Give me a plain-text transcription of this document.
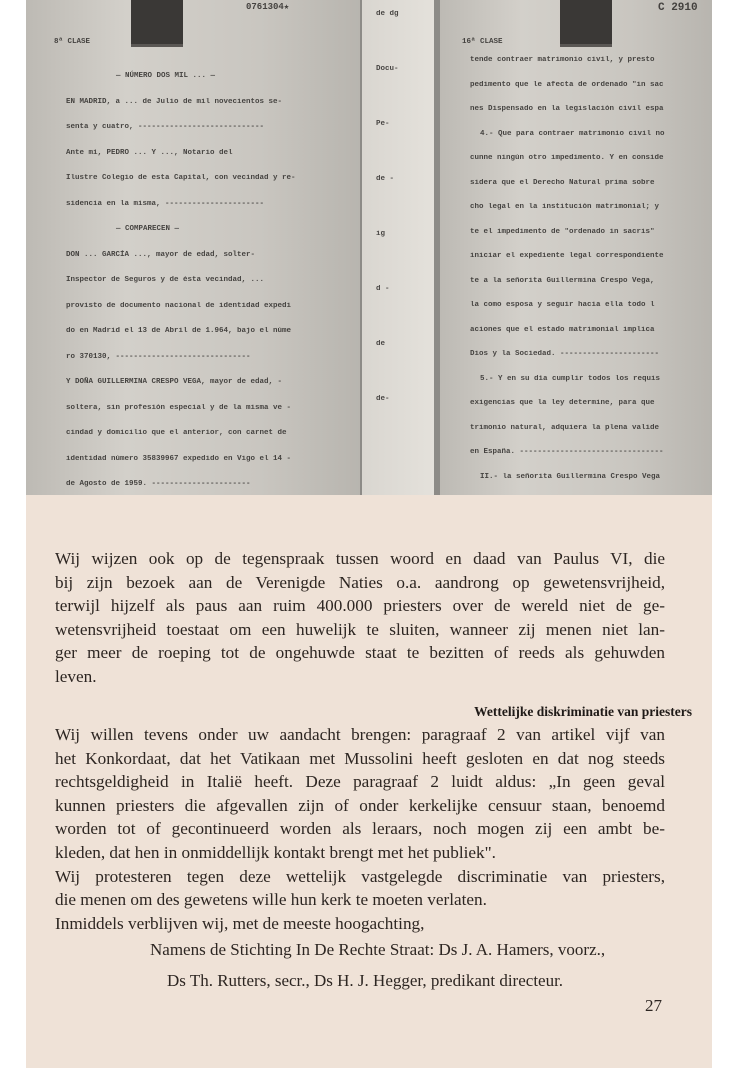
0761304★
8ª CLASE
— NÚMERO DOS MIL ... —
EN MADRID, a ... de Julio de mil novecientos se-
senta y cuatro, ----------------------------
Ante mí, PEDRO ... Y ..., Notario del
Ilustre Colegio de esta Capital, con vecindad y re-
sidencia en la misma, ----------------------
— COMPARECEN —
DON ... GARCÍA ..., mayor de edad, solter-
Inspector de Seguros y de ésta vecindad, ...
provisto de documento nacional de identidad expedi
do en Madrid el 13 de Abril de 1.964, bajo el núme
ro 370130, ------------------------------
Y DOÑA GUILLERMINA CRESPO VEGA, mayor de edad, -
soltera, sin profesión especial y de la misma ve -
cindad y domicilio que el anterior, con carnet de
identidad número 35839967 expedido en Vigo el 14 -
de Agosto de 1959. ----------------------
de dg
Docu-
Pe-
de -
ig
d -
de
de-
C 2910
16ª CLASE
tende contraer matrimonio civil, y presto
pedimento que le afecta de ordenado "in sac
nes Dispensado en la legislación civil espa
4.- Que para contraer matrimonio civil no
cunne ningún otro impedimento. Y en conside
sidera que el Derecho Natural prima sobre
cho legal en la institución matrimonial; y
te el impedimento de "ordenado in sacris"
iniciar el expediente legal correspondiente
te a la señorita Guillermina Crespo Vega,
la como esposa y seguir hacia ella todo l
aciones que el estado matrimonial implica
Dios y la Sociedad. ----------------------
5.- Y en su día cumplir todos los requis
exigencias que la ley determine, para que
trimonio natural, adquiera la plena valide
en España. --------------------------------
II.- la señorita Guillermina Crespo Vega
Wij wijzen ook op de tegenspraak tussen woord en daad van Paulus VI, die
bij zijn bezoek aan de Verenigde Naties o.a. aandrong op gewetensvrijheid,
terwijl hijzelf als paus aan ruim 400.000 priesters over de wereld niet de ge-
wetensvrijheid toestaat om een huwelijk te sluiten, wanneer zij menen niet lan-
ger meer de roeping tot de ongehuwde staat te bezitten of reeds als gehuwden
leven.
Wij willen tevens onder uw aandacht brengen: paragraaf 2 van artikel vijf van
het Konkordaat, dat het Vatikaan met Mussolini heeft gesloten en dat nog steeds
rechtsgeldigheid in Italië heeft. Deze paragraaf 2 luidt aldus: „In geen geval
kunnen priesters die afgevallen zijn of onder kerkelijke censuur staan, benoemd
worden tot of gecontinueerd worden als leraars, noch mogen zij een ambt be-
kleden, dat hen in onmiddellijk kontakt brengt met het publiek".
Wij protesteren tegen deze wettelijk vastgelegde discriminatie van priesters,
die menen om des gewetens wille hun kerk te moeten verlaten.
Inmiddels verblijven wij, met de meeste hoogachting,
Wettelijke diskriminatie van priesters
Namens de Stichting In De Rechte Straat: Ds J. A. Hamers, voorz.,
Ds Th. Rutters, secr., Ds H. J. Hegger, predikant directeur.
27
